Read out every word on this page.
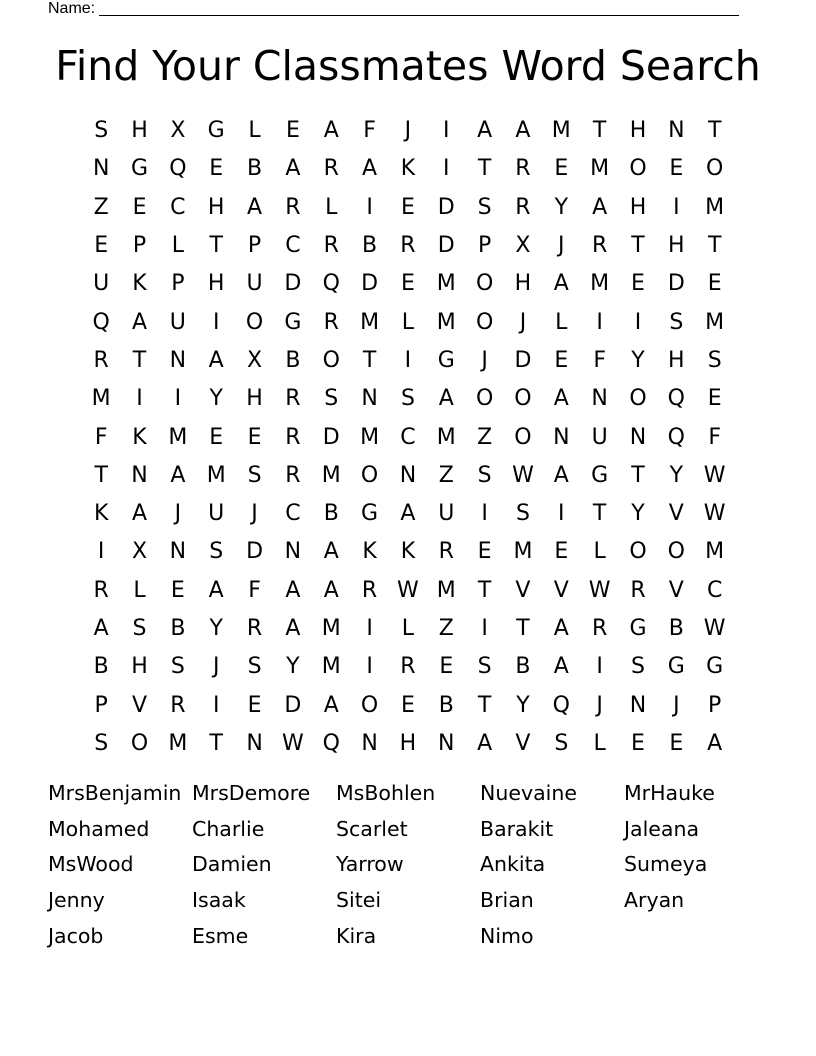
Name:
Find Your Classmates Word Search
S	H	X	G	L	E	A	F	J	I	A	A M	T	H N	T
N G Q	E	B	A	R	A	K	I	T	R	E M O	E	O
Z	E	C	H	A	R	L	I	E	D	S	R	Y	A	H	I	M
E	P	L	T	P	C	R	B	R	D	P	X	J	R	T	H	T
U	K	P	H	U D Q D	E M O H	A M E	D	E
Q	A	U	I	O G	R M	L	M O	J	L	I	I	S M
R	T	N	A	X	B	O	T	I	G	J	D	E	F	Y	H	S
M	I	I	Y	H	R	S	N	S	A	O O	A	N O Q	E
F	K M E	E	R	D M C M Z	O N	U	N Q	F
T	N	A M S	R M O N	Z	S W A	G	T	Y W
K	A	J	U	J	C	B	G	A	U	I	S	I	T	Y	V W
I	X	N	S	D N	A	K	K	R	E M E	L	O O M
R	L	E	A	F	A	A	R W M	T	V	V W R	V	C
A	S	B	Y	R	A M	I	L	Z	I	T	A	R	G	B W
B	H	S	J	S	Y	M	I	R	E	S	B	A	I	S	G G
P	V	R	I	E	D	A	O	E	B	T	Y	Q	J	N	J	P
S	O M	T	N W Q N H N	A	V	S	L	E	E	A
MrsBenjamin MrsDemore	MsBohlen	Nuevaine	MrHauke
Mohamed	Charlie	Scarlet	Barakit	Jaleana
MsWood	Damien	Yarrow	Ankita	Sumeya
Jenny	Isaak	Sitei	Brian	Aryan
Jacob	Esme	Kira	Nimo
